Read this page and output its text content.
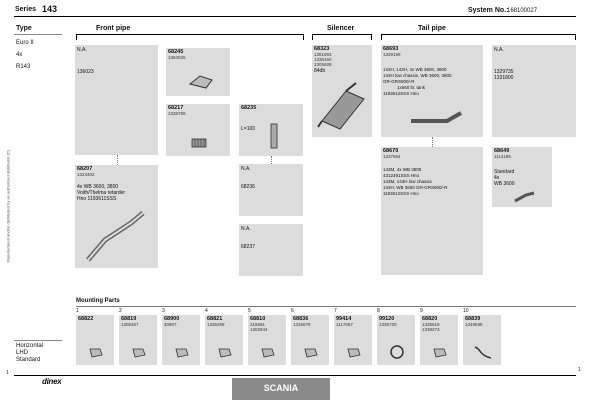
Series 143	System No.:
168100027
Manufactured and/or distributed by an authorised distributor (C)
Type
Euro II
4x
R143
Front pipe	Silencer	Tail pipe
N.A.
136023
68207
1324402
4x WB 3600, 3800
Voith/Thelma retarder
Hno 1193611SSS
68245
1364025
68217
1335789
68235
L=100
N.A.
68236
N.A.
68237
68323
1361983
1338160
1305928
84db
68693
1349199
143H, 143H, 4x WB 3600, 3800
143H low chassis, WB 3600, 3800
GR-GRS900/-R
1x560 ltr. tank
1193612SSS Hno
68670
1337664
143M, 4x WB 3600
4312491SSS Hno
143M, 143H low chassis
143H, WB 3600 GR-GRS900/-R
1193612SSS Hno
N.A.
1329735
1331800
68649
1114185
Standard
4x
WB 3600
Mounting Parts
1
68822
2
68819
1305367
3
68900
40907
4
68821
1335299
5
68810
215681
1302844
6
68836
1315679
7
99414
1117067
8
99120
1335720
9
68820
1335618
1338273
10
68839
1349698
Horizontal
LHD
Standard
1	1
dinex
SCANIA
